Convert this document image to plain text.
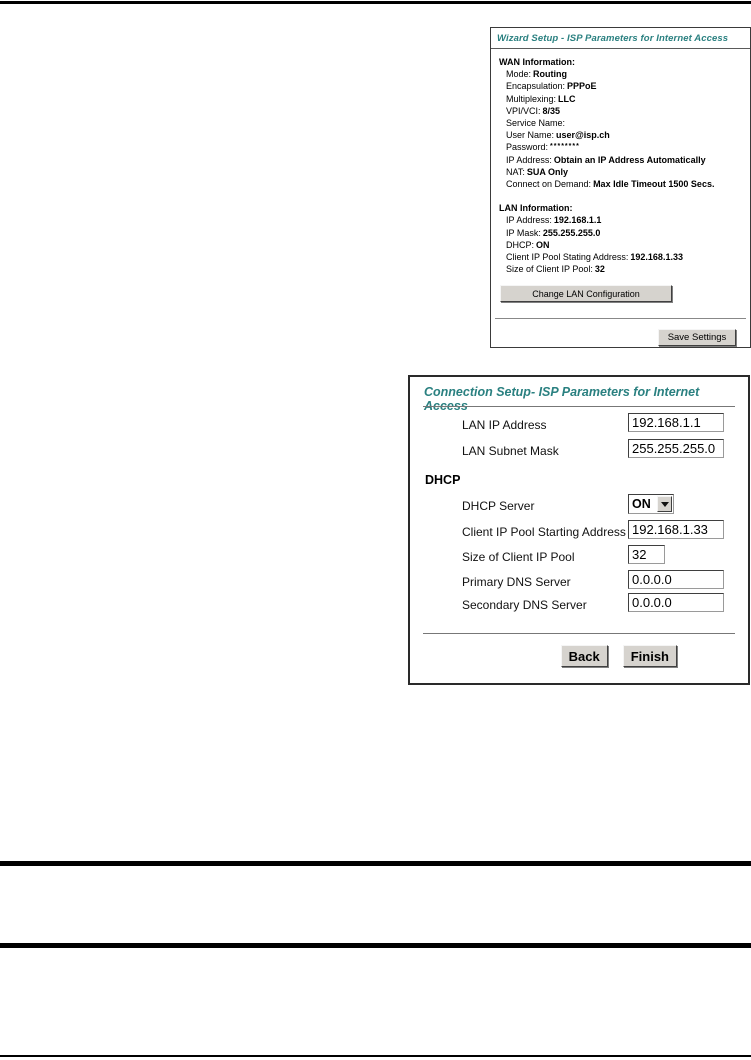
Wizard Setup - ISP Parameters for Internet Access
WAN Information:
Mode: Routing
Encapsulation: PPPoE
Multiplexing: LLC
VPI/VCI: 8/35
Service Name:
User Name: user@isp.ch
Password: ********
IP Address: Obtain an IP Address Automatically
NAT: SUA Only
Connect on Demand: Max Idle Timeout 1500 Secs.
LAN Information:
IP Address: 192.168.1.1
IP Mask: 255.255.255.0
DHCP: ON
Client IP Pool Stating Address: 192.168.1.33
Size of Client IP Pool: 32
Change LAN Configuration
Save Settings
Connection Setup- ISP Parameters for Internet Access
LAN IP Address
192.168.1.1
LAN Subnet Mask
255.255.255.0
DHCP
DHCP Server	ON
Client IP Pool Starting Address
192.168.1.33
Size of Client IP Pool
32
Primary DNS Server
0.0.0.0
Secondary DNS Server
0.0.0.0
Back	Finish
